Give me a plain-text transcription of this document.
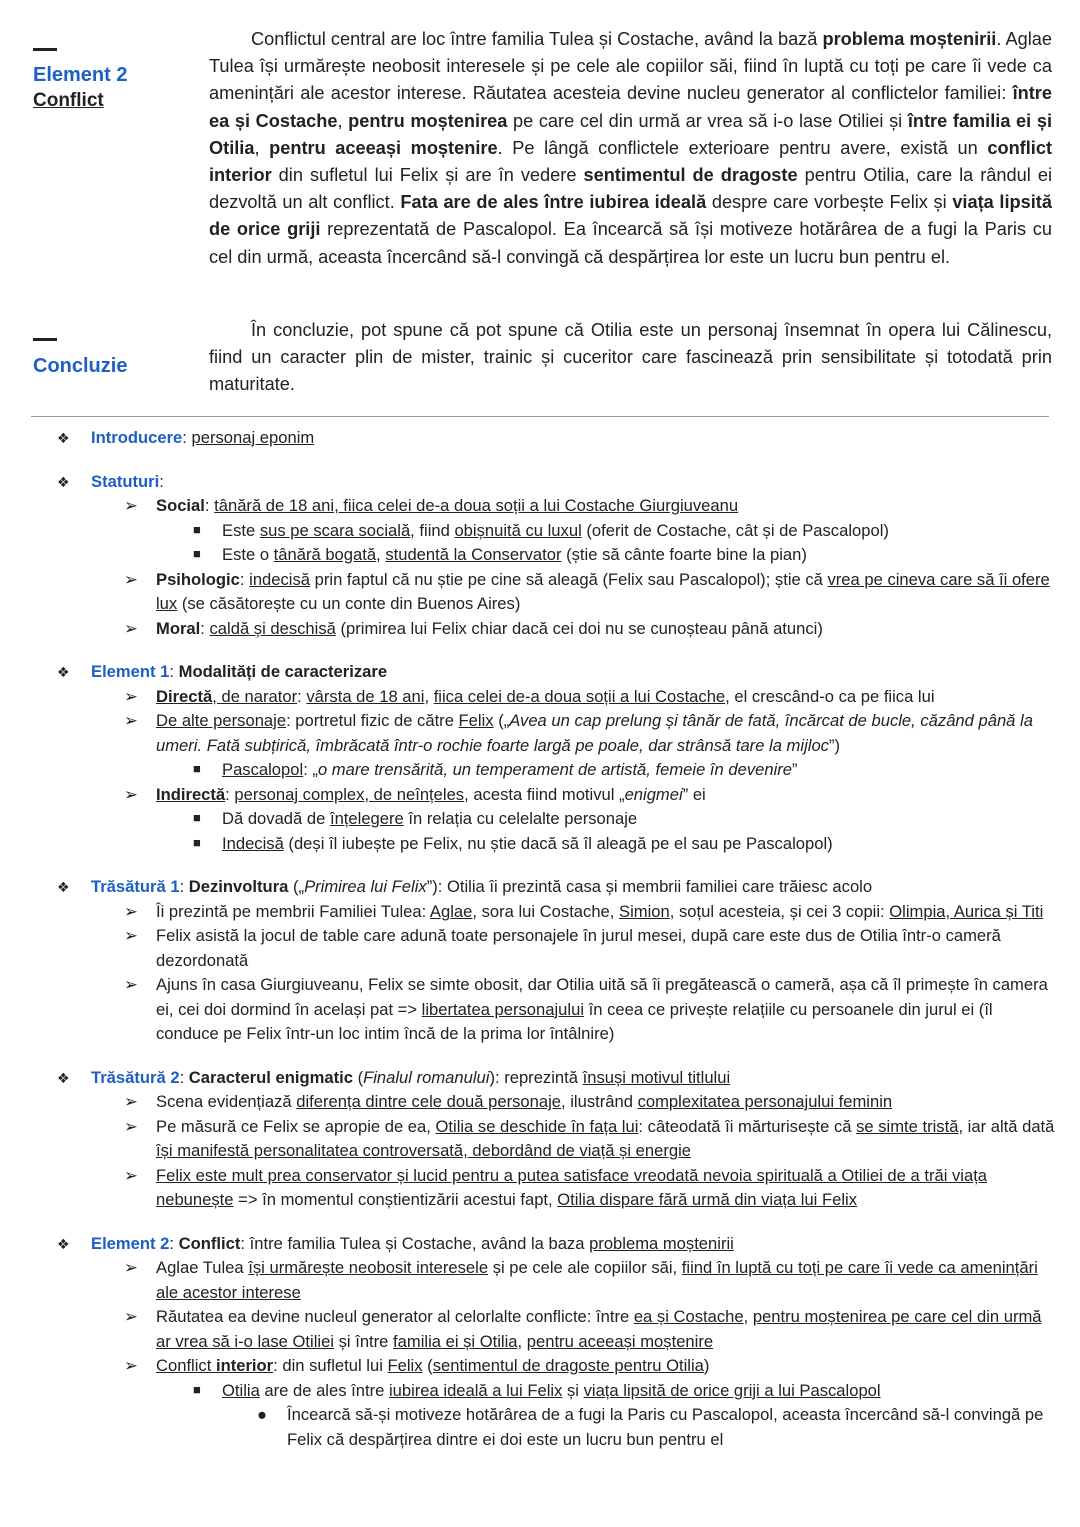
Element 2
Conflict
Conflictul central are loc între familia Tulea și Costache, având la bază problema moștenirii. Aglae Tulea își urmărește neobosit interesele și pe cele ale copiilor săi, fiind în luptă cu toți pe care îi vede ca amenințări ale acestor interese. Răutatea acesteia devine nucleu generator al conflictelor familiei: între ea și Costache, pentru moștenirea pe care cel din urmă ar vrea să i-o lase Otiliei și între familia ei și Otilia, pentru aceeași moștenire. Pe lângă conflictele exterioare pentru avere, există un conflict interior din sufletul lui Felix și are în vedere sentimentul de dragoste pentru Otilia, care la rândul ei dezvoltă un alt conflict. Fata are de ales între iubirea ideală despre care vorbește Felix și viața lipsită de orice griji reprezentată de Pascalopol. Ea încearcă să își motiveze hotărârea de a fugi la Paris cu cel din urmă, aceasta încercând să-l convingă că despărțirea lor este un lucru bun pentru el.
Concluzie
În concluzie, pot spune că pot spune că Otilia este un personaj însemnat în opera lui Călinescu, fiind un caracter plin de mister, trainic și cuceritor care fascinează prin sensibilitate și totodată prin maturitate.
❖ Introducere: personaj eponim
❖ Statuturi:
➢ Social: tânără de 18 ani, fiica celei de-a doua soții a lui Costache Giurgiuveanu
■ Este sus pe scara socială, fiind obișnuită cu luxul (oferit de Costache, cât și de Pascalopol)
■ Este o tânără bogată, studentă la Conservator (știe să cânte foarte bine la pian)
➢ Psihologic: indecisă prin faptul că nu știe pe cine să aleagă (Felix sau Pascalopol); știe că vrea pe cineva care să îi ofere lux (se căsătorește cu un conte din Buenos Aires)
➢ Moral: caldă și deschisă (primirea lui Felix chiar dacă cei doi nu se cunoșteau până atunci)
❖ Element 1: Modalități de caracterizare
➢ Directă, de narator: vârsta de 18 ani, fiica celei de-a doua soții a lui Costache, el crescând-o ca pe fiica lui
➢ De alte personaje: portretul fizic de către Felix („Avea un cap prelung și tânăr de fată, încărcat de bucle, căzând până la umeri. Fată subțirică, îmbrăcată într-o rochie foarte largă pe poale, dar strânsă tare la mijloc”)
■ Pascalopol: „o mare trensărită, un temperament de artistă, femeie în devenire”
➢ Indirectă: personaj complex, de neînțeles, acesta fiind motivul „enigmei” ei
■ Dă dovadă de înțelegere în relația cu celelalte personaje
■ Indecisă (deși îl iubește pe Felix, nu știe dacă să îl aleagă pe el sau pe Pascalopol)
❖ Trăsătură 1: Dezinvoltura („Primirea lui Felix”): Otilia îi prezintă casa și membrii familiei care trăiesc acolo
➢ Îi prezintă pe membrii Familiei Tulea: Aglae, sora lui Costache, Simion, soțul acesteia, și cei 3 copii: Olimpia, Aurica și Titi
➢ Felix asistă la jocul de table care adună toate personajele în jurul mesei, după care este dus de Otilia într-o cameră dezordonată
➢ Ajuns în casa Giurgiuveanu, Felix se simte obosit, dar Otilia uită să îi pregătească o cameră, așa că îl primește în camera ei, cei doi dormind în același pat => libertatea personajului în ceea ce privește relațiile cu persoanele din jurul ei (îl conduce pe Felix într-un loc intim încă de la prima lor întâlnire)
❖ Trăsătură 2: Caracterul enigmatic (Finalul romanului): reprezintă însuși motivul titlului
➢ Scena evidențiază diferența dintre cele două personaje, ilustrând complexitatea personajului feminin
➢ Pe măsură ce Felix se apropie de ea, Otilia se deschide în fața lui: câteodată îi mărturisește că se simte tristă, iar altă dată își manifestă personalitatea controversată, debordând de viață și energie
➢ Felix este mult prea conservator și lucid pentru a putea satisface vreodată nevoia spirituală a Otiliei de a trăi viața nebunește => în momentul conștientizării acestui fapt, Otilia dispare fără urmă din viața lui Felix
❖ Element 2: Conflict: între familia Tulea și Costache, având la baza problema moștenirii
➢ Aglae Tulea își urmărește neobosit interesele și pe cele ale copiilor săi, fiind în luptă cu toți pe care îi vede ca amenințări ale acestor interese
➢ Răutatea ea devine nucleul generator al celorlalte conflicte: între ea și Costache, pentru moștenirea pe care cel din urmă ar vrea să i-o lase Otiliei și între familia ei și Otilia, pentru aceeași moștenire
➢ Conflict interior: din sufletul lui Felix (sentimentul de dragoste pentru Otilia)
■ Otilia are de ales între iubirea ideală a lui Felix și viața lipsită de orice griji a lui Pascalopol
● Încearcă să-și motiveze hotărârea de a fugi la Paris cu Pascalopol, aceasta încercând să-l convingă pe Felix că despărțirea dintre ei doi este un lucru bun pentru el
